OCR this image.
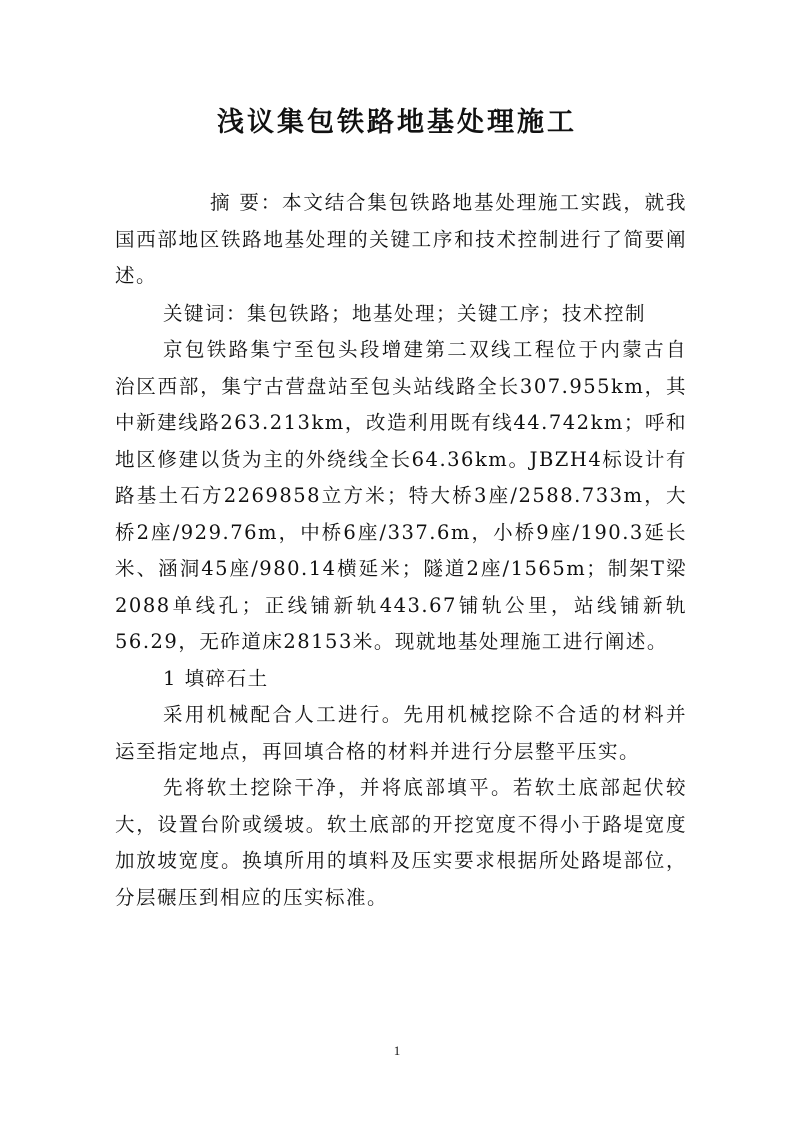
浅议集包铁路地基处理施工

摘 要：本文结合集包铁路地基处理施工实践，就我国西部地区铁路地基处理的关键工序和技术控制进行了简要阐述。

关键词：集包铁路；地基处理；关键工序；技术控制

京包铁路集宁至包头段增建第二双线工程位于内蒙古自治区西部，集宁古营盘站至包头站线路全长307.955km，其中新建线路263.213km，改造利用既有线44.742km；呼和地区修建以货为主的外绕线全长64.36km。JBZH4标设计有路基土石方2269858立方米；特大桥3座/2588.733m，大桥2座/929.76m，中桥6座/337.6m，小桥9座/190.3延长米、涵洞45座/980.14横延米；隧道2座/1565m；制架T梁2088单线孔；正线铺新轨443.67铺轨公里，站线铺新轨56.29，无砟道床28153米。现就地基处理施工进行阐述。

1 填碎石土

采用机械配合人工进行。先用机械挖除不合适的材料并运至指定地点，再回填合格的材料并进行分层整平压实。

先将软土挖除干净，并将底部填平。若软土底部起伏较大，设置台阶或缓坡。软土底部的开挖宽度不得小于路堤宽度加放坡宽度。换填所用的填料及压实要求根据所处路堤部位，分层碾压到相应的压实标准。

1
